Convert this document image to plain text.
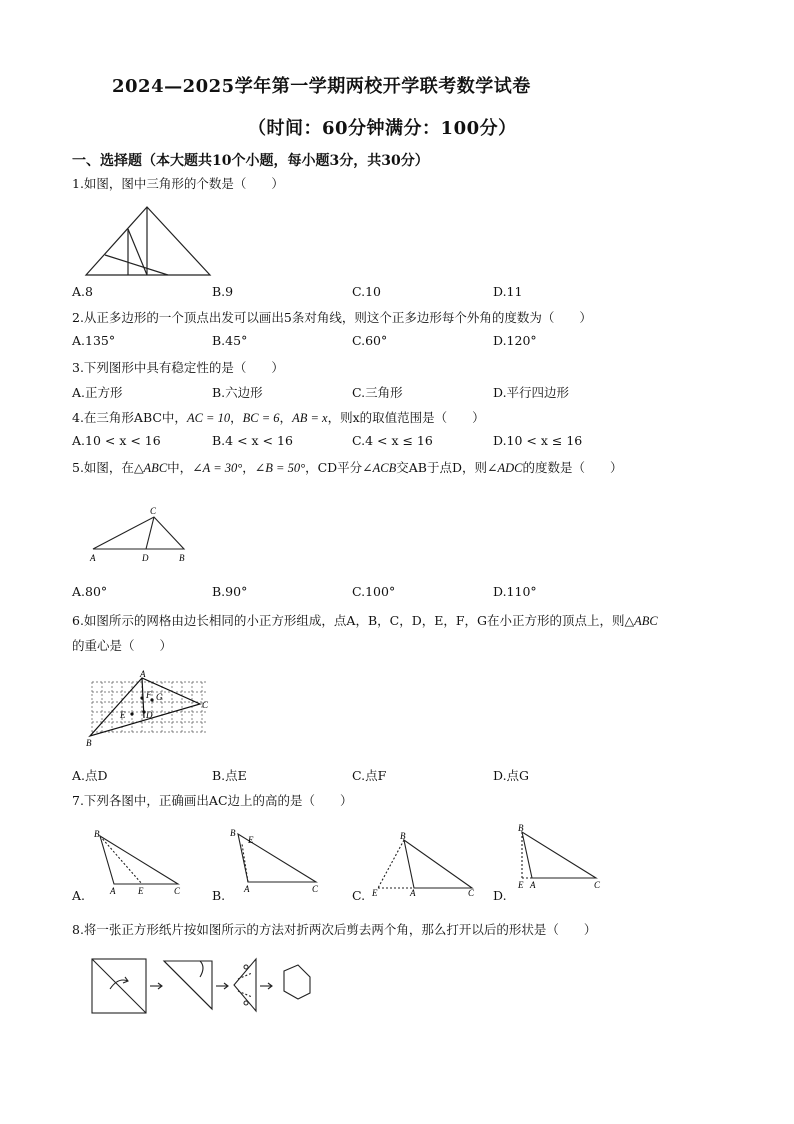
2024—2025学年第一学期两校开学联考数学试卷
（时间：60分钟满分：100分）
一、选择题（本大题共10个小题，每小题3分，共30分）
1.如图，图中三角形的个数是（　　）
A.8	B.9	C.10	D.11
2.从正多边形的一个顶点出发可以画出5条对角线，则这个正多边形每个外角的度数为（　　）
A.135°	B.45°	C.60°	D.120°
3.下列图形中具有稳定性的是（　　）
A.正方形	B.六边形	C.三角形	D.平行四边形
4.在三角形ABC中，AC = 10，BC = 6，AB = x，则x的取值范围是（　　）
A.10 < x < 16	B.4 < x < 16	C.4 < x ≤ 16	D.10 < x ≤ 16
5.如图，在△ABC中，∠A = 30°，∠B = 50°，CD平分∠ACB交AB于点D，则∠ADC的度数是（　　）
C
A	D	B
A.80°	B.90°	C.100°	D.110°
6.如图所示的网格由边长相同的小正方形组成，点A，B，C，D，E，F，G在小正方形的顶点上，则△ABC
的重心是（　　）
A
F G
C
E D
B
A.点D	B.点E	C.点F	D.点G
7.下列各图中，正确画出AC边上的高的是（　　）
A.
B
A	E	C	B.
B
E
A	C	C.
B
E	A	C D.
B
E A	C
8.将一张正方形纸片按如图所示的方法对折两次后剪去两个角，那么打开以后的形状是（　　）
